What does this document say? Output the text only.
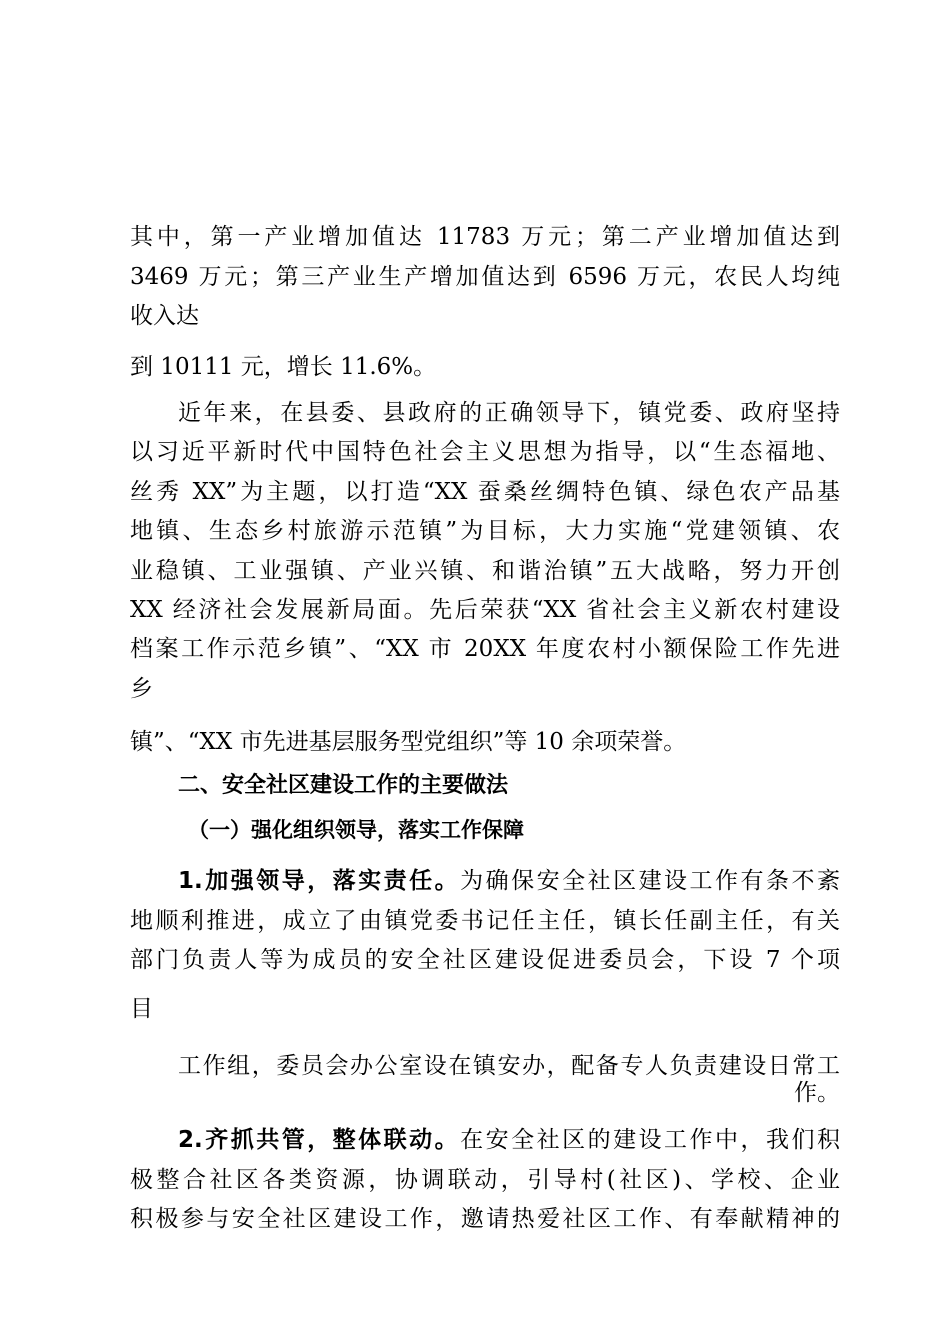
其中，第一产业增加值达 11783 万元；第二产业增加值达到
3469 万元；第三产业生产增加值达到 6596 万元，农民人均纯
收入达
到 10111 元，增长 11.6%。
近年来，在县委、县政府的正确领导下，镇党委、政府坚持
以习近平新时代中国特色社会主义思想为指导，以“生态福地、
丝秀 XX”为主题，以打造“XX 蚕桑丝绸特色镇、绿色农产品基
地镇、生态乡村旅游示范镇”为目标，大力实施“党建领镇、农
业稳镇、工业强镇、产业兴镇、和谐治镇”五大战略，努力开创
XX 经济社会发展新局面。先后荣获“XX 省社会主义新农村建设
档案工作示范乡镇”、“XX 市 20XX 年度农村小额保险工作先进
乡
镇”、“XX 市先进基层服务型党组织”等 10 余项荣誉。
二、安全社区建设工作的主要做法
（一）强化组织领导，落实工作保障
1.加强领导，落实责任。为确保安全社区建设工作有条不紊
地顺利推进，成立了由镇党委书记任主任，镇长任副主任，有关
部门负责人等为成员的安全社区建设促进委员会，下设 7 个项
目
工作组，委员会办公室设在镇安办，配备专人负责建设日常工
作。
2.齐抓共管，整体联动。在安全社区的建设工作中，我们积
极整合社区各类资源，协调联动，引导村(社区)、学校、企业
积极参与安全社区建设工作，邀请热爱社区工作、有奉献精神的
